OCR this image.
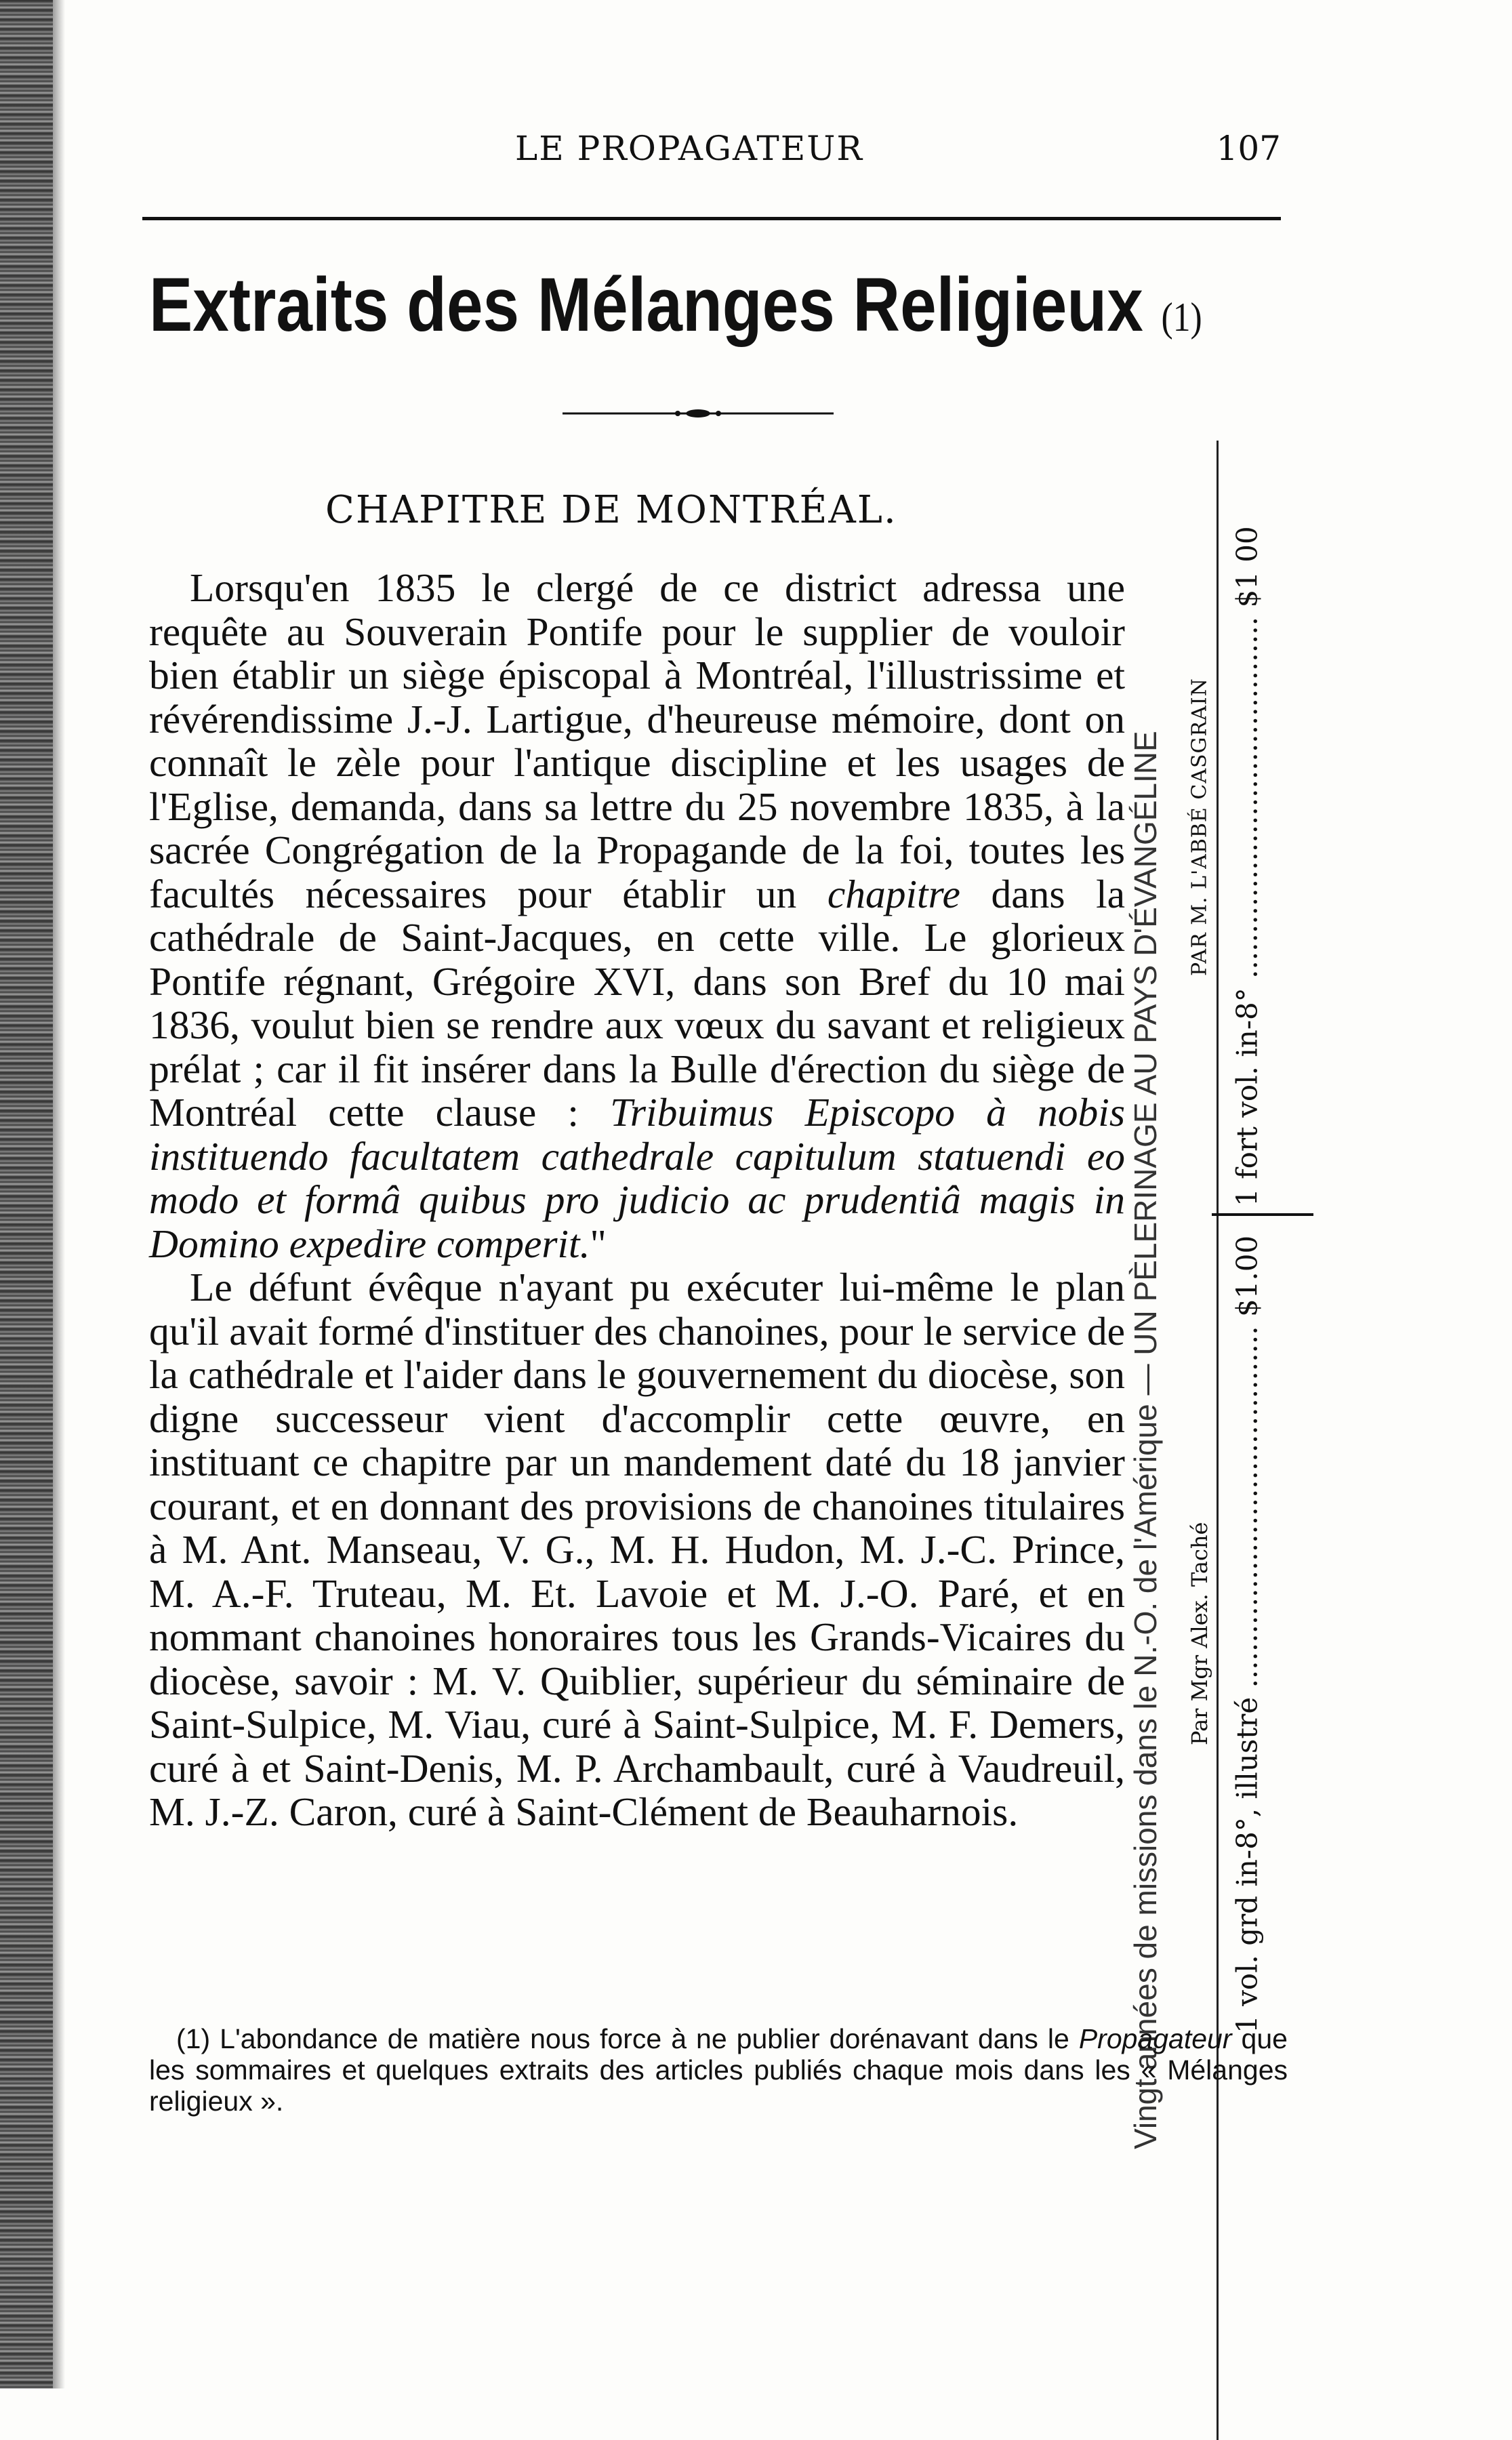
LE PROPAGATEUR	107
Extraits des Mélanges Religieux (1)
CHAPITRE DE MONTRÉAL.

Lorsqu'en 1835 le clergé de ce district adressa une requête au Souverain Pontife pour le supplier de vouloir bien établir un siège épiscopal à Montréal, l'illustrissime et révérendissime J.-J. Lartigue, d'heureuse mémoire, dont on connaît le zèle pour l'antique discipline et les usages de l'Eglise, demanda, dans sa lettre du 25 novembre 1835, à la sacrée Congrégation de la Propagande de la foi, toutes les facultés nécessaires pour établir un chapitre dans la cathédrale de Saint-Jacques, en cette ville. Le glorieux Pontife régnant, Grégoire XVI, dans son Bref du 10 mai 1836, voulut bien se rendre aux vœux du savant et religieux prélat ; car il fit insérer dans la Bulle d'érection du siège de Montréal cette clause : Tribuimus Episcopo à nobis instituendo facultatem cathedrale capitulum statuendi eo modo et formâ quibus pro judicio ac prudentiâ magis in Domino expedire comperit."

Le défunt évêque n'ayant pu exécuter lui-même le plan qu'il avait formé d'instituer des chanoines, pour le service de la cathédrale et l'aider dans le gouvernement du diocèse, son digne successeur vient d'accomplir cette œuvre, en instituant ce chapitre par un mandement daté du 18 janvier courant, et en donnant des provisions de chanoines titulaires à M. Ant. Manseau, V. G., M. H. Hudon, M. J.-C. Prince, M. A.-F. Truteau, M. Et. Lavoie et M. J.-O. Paré, et en nommant chanoines honoraires tous les Grands-Vicaires du diocèse, savoir : M. V. Quiblier, supérieur du séminaire de Saint-Sulpice, M. Viau, curé à Saint-Sulpice, M. F. Demers, curé à et Saint-Denis, M. P. Archambault, curé à Vaudreuil, M. J.-Z. Caron, curé à Saint-Clément de Beauharnois.	Vingt années de missions dans le N.-O. de l'Amérique — UN PÈLERINAGE AU PAYS D'ÉVANGÉLINE	PAR M. L'ABBÉ CASGRAIN 1 fort vol. in-8° ........................................ $1 00
Par Mgr Alex. Taché 1 vol. grd in-8°, illustré ........................................ $1.00

(1) L'abondance de matière nous force à ne publier dorénavant dans le Propagateur que les sommaires et quelques extraits des articles publiés chaque mois dans les « Mélanges religieux ».
